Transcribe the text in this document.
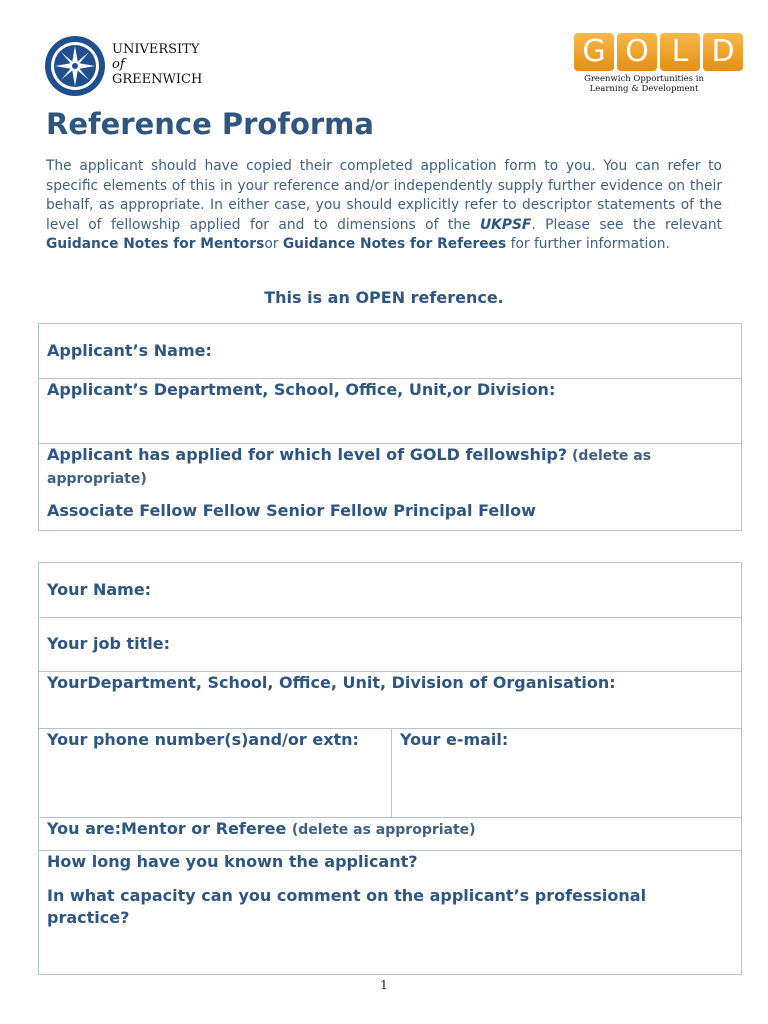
UNIVERSITY
of
GREENWICH
G O L D
Greenwich Opportunities in
Learning & Development
Reference Proforma

The applicant should have copied their completed application form to you. You can refer to specific elements of this in your reference and/or independently supply further evidence on their behalf, as appropriate. In either case, you should explicitly refer to descriptor statements of the level of fellowship applied for and to dimensions of the UKPSF. Please see the relevant Guidance Notes for Mentorsor Guidance Notes for Referees for further information.

This is an OPEN reference.
Applicant’s Name:
Applicant’s Department, School, Office, Unit,or Division:

Applicant has applied for which level of GOLD fellowship? (delete as appropriate)
Associate Fellow Fellow Senior Fellow Principal Fellow
Your Name:
Your job title:
YourDepartment, School, Office, Unit, Division of Organisation:
Your phone number(s)and/or extn:	Your e-mail:
You are:Mentor or Referee (delete as appropriate)

How long have you known the applicant?
In what capacity can you comment on the applicant’s professional practice?
1
